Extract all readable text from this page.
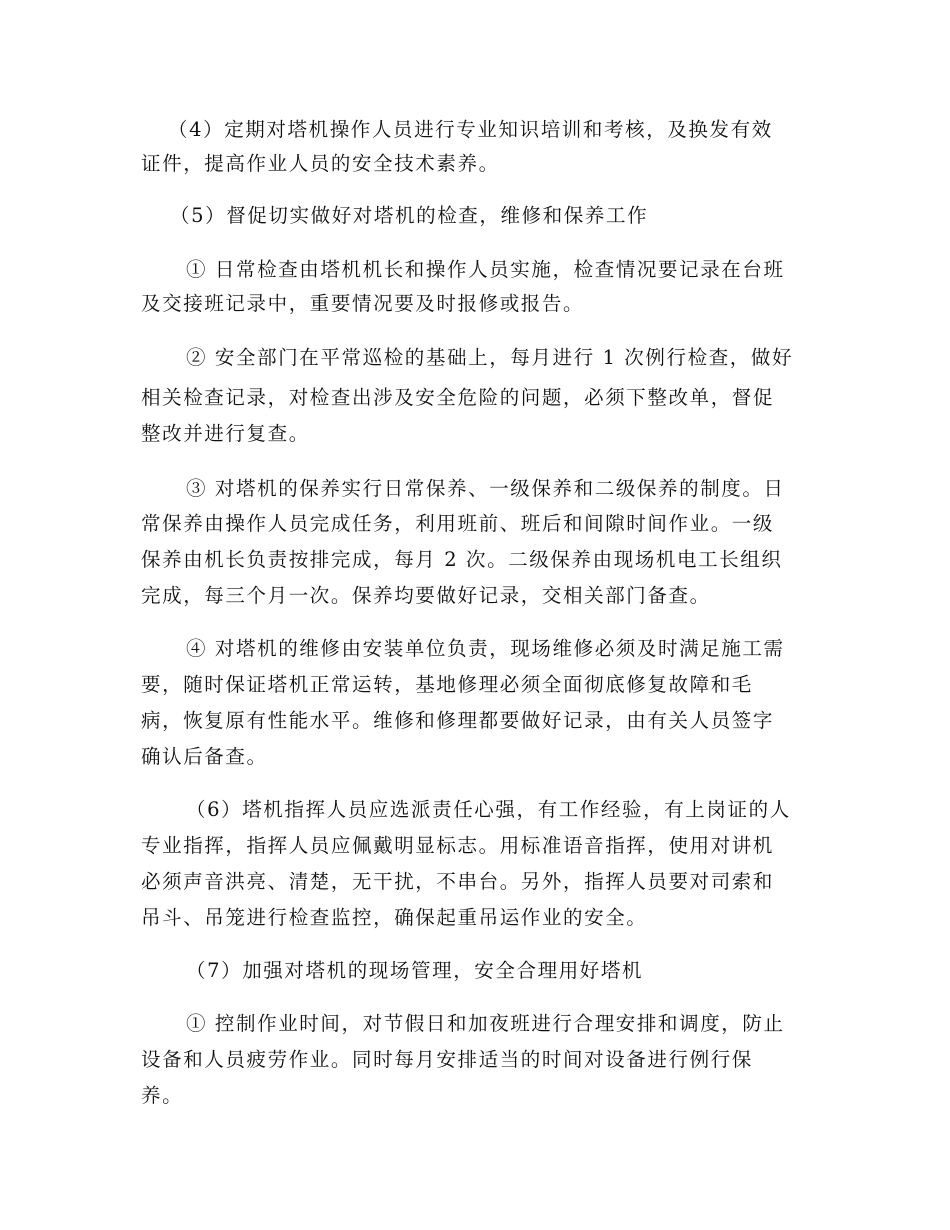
（4）定期对塔机操作人员进行专业知识培训和考核，及换发有效
证件，提高作业人员的安全技术素养。
（5）督促切实做好对塔机的检查，维修和保养工作
① 日常检查由塔机机长和操作人员实施，检查情况要记录在台班
及交接班记录中，重要情况要及时报修或报告。
② 安全部门在平常巡检的基础上，每月进行 1 次例行检查，做好
相关检查记录，对检查出涉及安全危险的问题，必须下整改单，督促
整改并进行复查。
③ 对塔机的保养实行日常保养、一级保养和二级保养的制度。日
常保养由操作人员完成任务，利用班前、班后和间隙时间作业。一级
保养由机长负责按排完成，每月 2 次。二级保养由现场机电工长组织
完成，每三个月一次。保养均要做好记录，交相关部门备查。
④ 对塔机的维修由安装单位负责，现场维修必须及时满足施工需
要，随时保证塔机正常运转，基地修理必须全面彻底修复故障和毛
病，恢复原有性能水平。维修和修理都要做好记录，由有关人员签字
确认后备查。
（6）塔机指挥人员应选派责任心强，有工作经验，有上岗证的人
专业指挥，指挥人员应佩戴明显标志。用标准语音指挥，使用对讲机
必须声音洪亮、清楚，无干扰，不串台。另外，指挥人员要对司索和
吊斗、吊笼进行检查监控，确保起重吊运作业的安全。
（7）加强对塔机的现场管理，安全合理用好塔机
① 控制作业时间，对节假日和加夜班进行合理安排和调度，防止
设备和人员疲劳作业。同时每月安排适当的时间对设备进行例行保
养。
